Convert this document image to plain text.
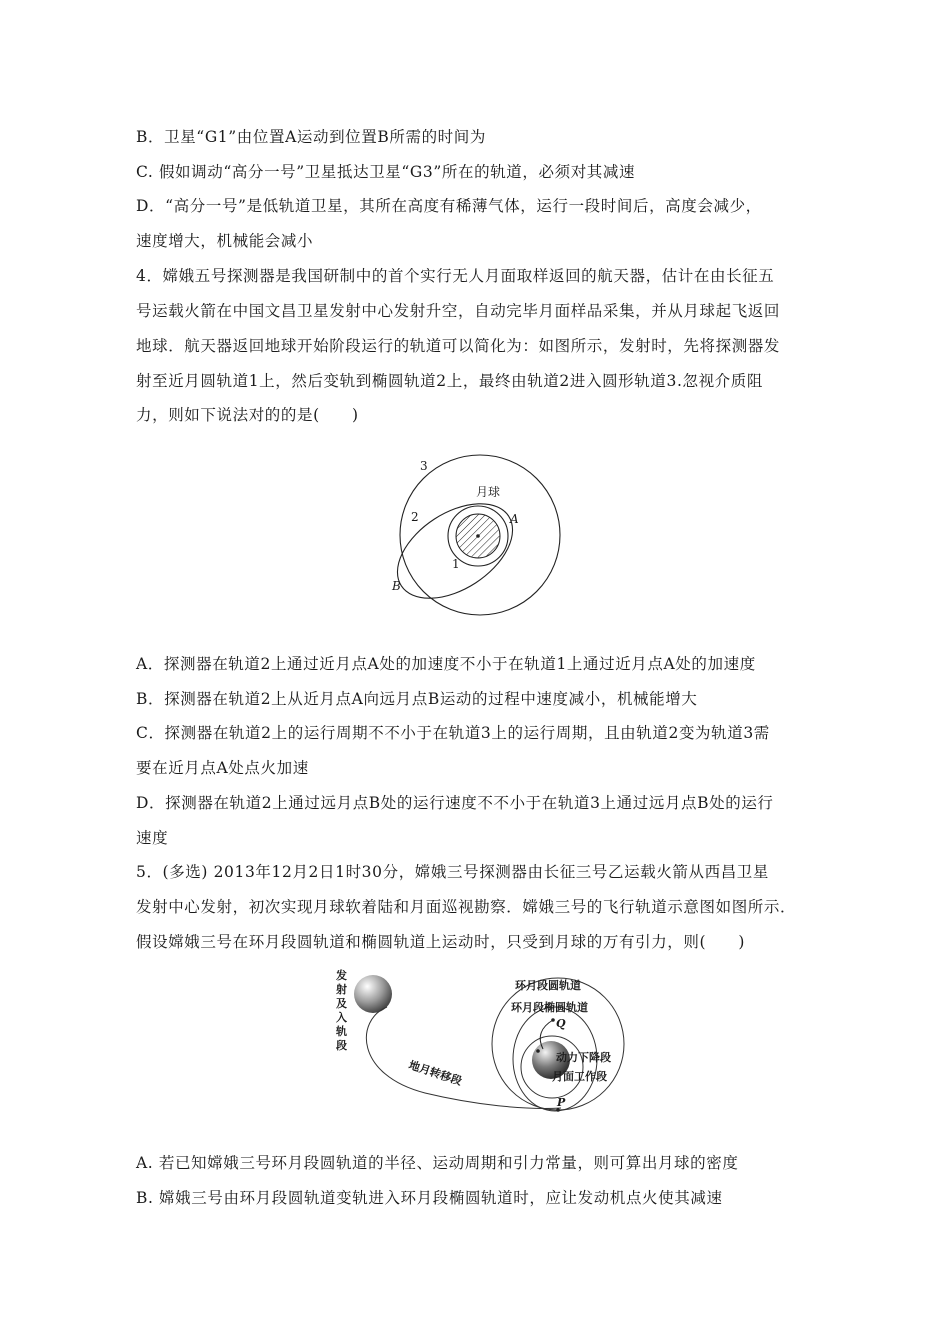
B．卫星“G1”由位置A运动到位置B所需的时间为
C. 假如调动“高分一号”卫星抵达卫星“G3”所在的轨道，必须对其减速
D．“高分一号”是低轨道卫星，其所在高度有稀薄气体，运行一段时间后，高度会减少，
速度增大，机械能会减小
4．嫦娥五号探测器是我国研制中的首个实行无人月面取样返回的航天器，估计在由长征五
号运载火箭在中国文昌卫星发射中心发射升空，自动完毕月面样品采集，并从月球起飞返回
地球．航天器返回地球开始阶段运行的轨道可以简化为：如图所示，发射时，先将探测器发
射至近月圆轨道1上，然后变轨到椭圆轨道2上，最终由轨道2进入圆形轨道3.忽视介质阻
力，则如下说法对的的是(　　)
月球
3
2
1
A
B
A．探测器在轨道2上通过近月点A处的加速度不小于在轨道1上通过近月点A处的加速度
B．探测器在轨道2上从近月点A向远月点B运动的过程中速度减小，机械能增大
C．探测器在轨道2上的运行周期不不小于在轨道3上的运行周期，且由轨道2变为轨道3需
要在近月点A处点火加速
D．探测器在轨道2上通过远月点B处的运行速度不不小于在轨道3上通过远月点B处的运行
速度
5．(多选) 2013年12月2日1时30分，嫦娥三号探测器由长征三号乙运载火箭从西昌卫星
发射中心发射，初次实现月球软着陆和月面巡视勘察．嫦娥三号的飞行轨道示意图如图所示．
假设嫦娥三号在环月段圆轨道和椭圆轨道上运动时，只受到月球的万有引力，则(　　)
发
射
及
入
轨
段
地月转移段
环月段圆轨道
环月段椭圆轨道
动力下降段
月面工作段
Q
P
A. 若已知嫦娥三号环月段圆轨道的半径、运动周期和引力常量，则可算出月球的密度
B. 嫦娥三号由环月段圆轨道变轨进入环月段椭圆轨道时，应让发动机点火使其减速
